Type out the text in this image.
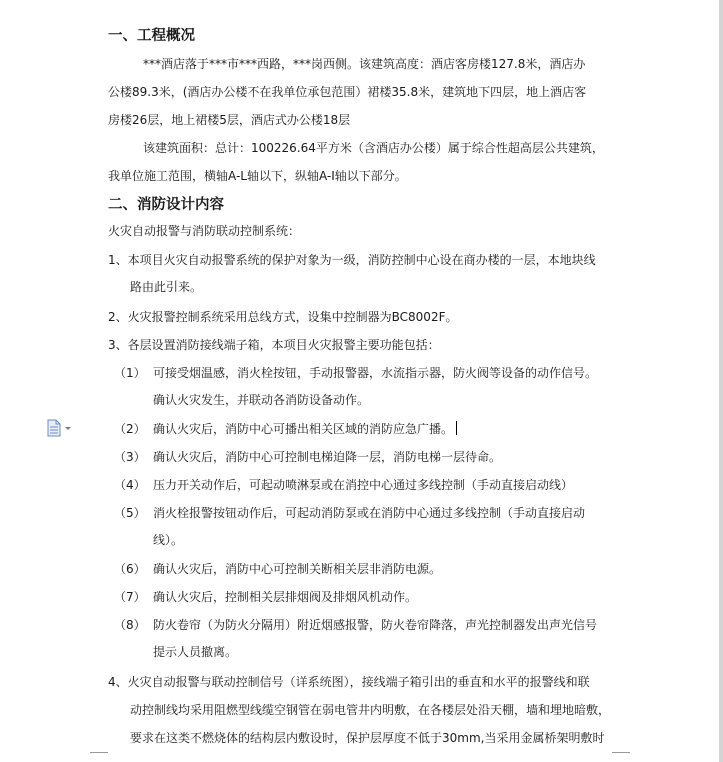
一、工程概况
***酒店落于***市***西路，***岗西侧。该建筑高度：酒店客房楼127.8米，酒店办
公楼89.3米，(酒店办公楼不在我单位承包范围）裙楼35.8米，建筑地下四层，地上酒店客
房楼26层，地上裙楼5层，酒店式办公楼18层
该建筑面积：总计：100226.64平方米（含酒店办公楼）属于综合性超高层公共建筑，
我单位施工范围，横轴A-L轴以下，纵轴A-I轴以下部分。
二、消防设计内容
火灾自动报警与消防联动控制系统：
1、本项目火灾自动报警系统的保护对象为一级，消防控制中心设在商办楼的一层，本地块线
路由此引来。
2、火灾报警控制系统采用总线方式，设集中控制器为BC8002F。
3、各层设置消防接线端子箱，本项目火灾报警主要功能包括：
（1） 可接受烟温感，消火栓按钮，手动报警器，水流指示器，防火阀等设备的动作信号。
确认火灾发生，并联动各消防设备动作。
（2） 确认火灾后，消防中心可播出相关区域的消防应急广播。
（3） 确认火灾后，消防中心可控制电梯迫降一层，消防电梯一层待命。
（4） 压力开关动作后，可起动喷淋泵或在消控中心通过多线控制（手动直接启动线）
（5） 消火栓报警按钮动作后，可起动消防泵或在消防中心通过多线控制（手动直接启动
线）。
（6） 确认火灾后，消防中心可控制关断相关层非消防电源。
（7） 确认火灾后，控制相关层排烟阀及排烟风机动作。
（8） 防火卷帘（为防火分隔用）附近烟感报警，防火卷帘降落，声光控制器发出声光信号
提示人员撤离。
4、火灾自动报警与联动控制信号（详系统图），接线端子箱引出的垂直和水平的报警线和联
动控制线均采用阻燃型线缆空钢管在弱电管井内明敷，在各楼层处沿天棚，墙和埋地暗敷，
要求在这类不燃烧体的结构层内敷设时，保护层厚度不低于30mm,当采用金属桥架明敷时
